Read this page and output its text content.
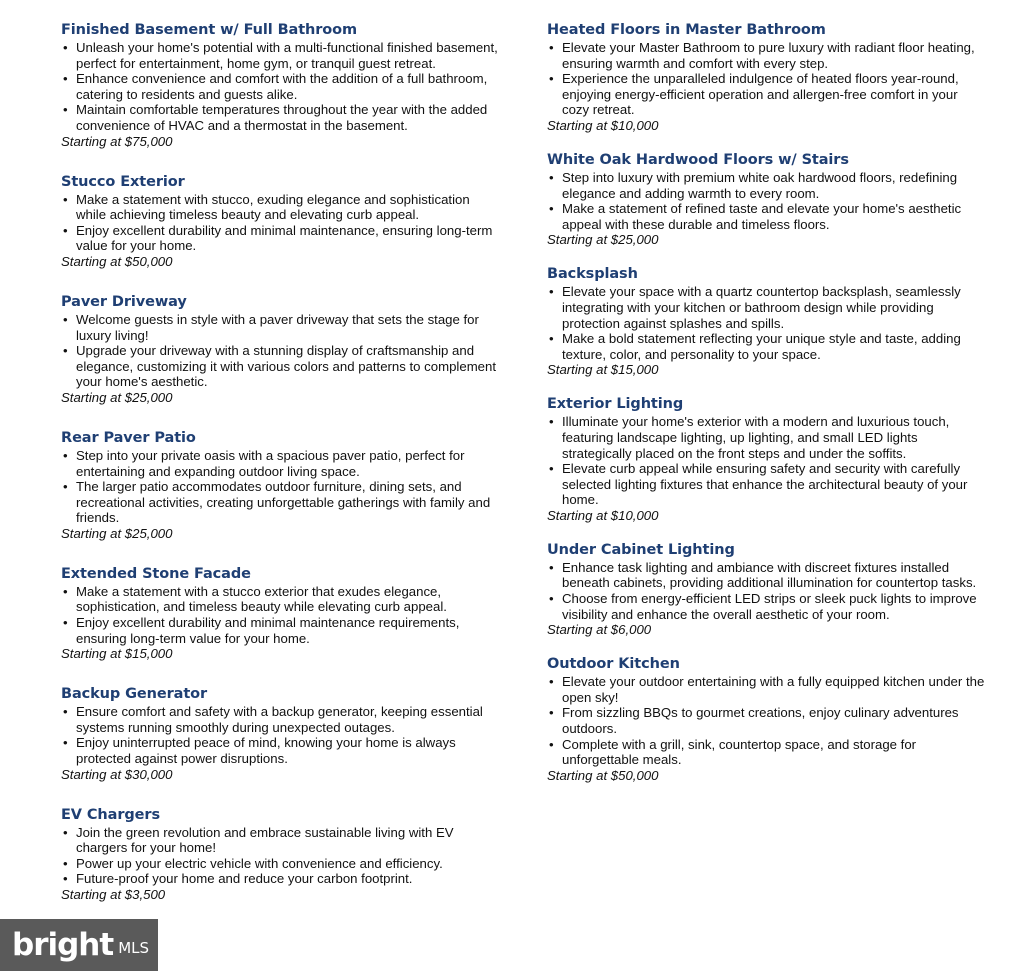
Finished Basement w/ Full Bathroom
• Unleash your home's potential with a multi-functional finished basement, perfect for entertainment, home gym, or tranquil guest retreat.
• Enhance convenience and comfort with the addition of a full bathroom, catering to residents and guests alike.
• Maintain comfortable temperatures throughout the year with the added convenience of HVAC and a thermostat in the basement.
Starting at $75,000
Stucco Exterior
• Make a statement with stucco, exuding elegance and sophistication while achieving timeless beauty and elevating curb appeal.
• Enjoy excellent durability and minimal maintenance, ensuring long-term value for your home.
Starting at $50,000
Paver Driveway
• Welcome guests in style with a paver driveway that sets the stage for luxury living!
• Upgrade your driveway with a stunning display of craftsmanship and elegance, customizing it with various colors and patterns to complement your home's aesthetic.
Starting at $25,000
Rear Paver Patio
• Step into your private oasis with a spacious paver patio, perfect for entertaining and expanding outdoor living space.
• The larger patio accommodates outdoor furniture, dining sets, and recreational activities, creating unforgettable gatherings with family and friends.
Starting at $25,000
Extended Stone Facade
• Make a statement with a stucco exterior that exudes elegance, sophistication, and timeless beauty while elevating curb appeal.
• Enjoy excellent durability and minimal maintenance requirements, ensuring long-term value for your home.
Starting at $15,000
Backup Generator
• Ensure comfort and safety with a backup generator, keeping essential systems running smoothly during unexpected outages.
• Enjoy uninterrupted peace of mind, knowing your home is always protected against power disruptions.
Starting at $30,000
EV Chargers
• Join the green revolution and embrace sustainable living with EV chargers for your home!
• Power up your electric vehicle with convenience and efficiency.
• Future-proof your home and reduce your carbon footprint.
Starting at $3,500
Heated Floors in Master Bathroom
• Elevate your Master Bathroom to pure luxury with radiant floor heating, ensuring warmth and comfort with every step.
• Experience the unparalleled indulgence of heated floors year-round, enjoying energy-efficient operation and allergen-free comfort in your cozy retreat.
Starting at $10,000
White Oak Hardwood Floors w/ Stairs
• Step into luxury with premium white oak hardwood floors, redefining elegance and adding warmth to every room.
• Make a statement of refined taste and elevate your home's aesthetic appeal with these durable and timeless floors.
Starting at $25,000
Backsplash
• Elevate your space with a quartz countertop backsplash, seamlessly integrating with your kitchen or bathroom design while providing protection against splashes and spills.
• Make a bold statement reflecting your unique style and taste, adding texture, color, and personality to your space.
Starting at $15,000
Exterior Lighting
• Illuminate your home's exterior with a modern and luxurious touch, featuring landscape lighting, up lighting, and small LED lights strategically placed on the front steps and under the soffits.
• Elevate curb appeal while ensuring safety and security with carefully selected lighting fixtures that enhance the architectural beauty of your home.
Starting at $10,000
Under Cabinet Lighting
• Enhance task lighting and ambiance with discreet fixtures installed beneath cabinets, providing additional illumination for countertop tasks.
• Choose from energy-efficient LED strips or sleek puck lights to improve visibility and enhance the overall aesthetic of your room.
Starting at $6,000
Outdoor Kitchen
• Elevate your outdoor entertaining with a fully equipped kitchen under the open sky!
• From sizzling BBQs to gourmet creations, enjoy culinary adventures outdoors.
• Complete with a grill, sink, countertop space, and storage for unforgettable meals.
Starting at $50,000
bright MLS
